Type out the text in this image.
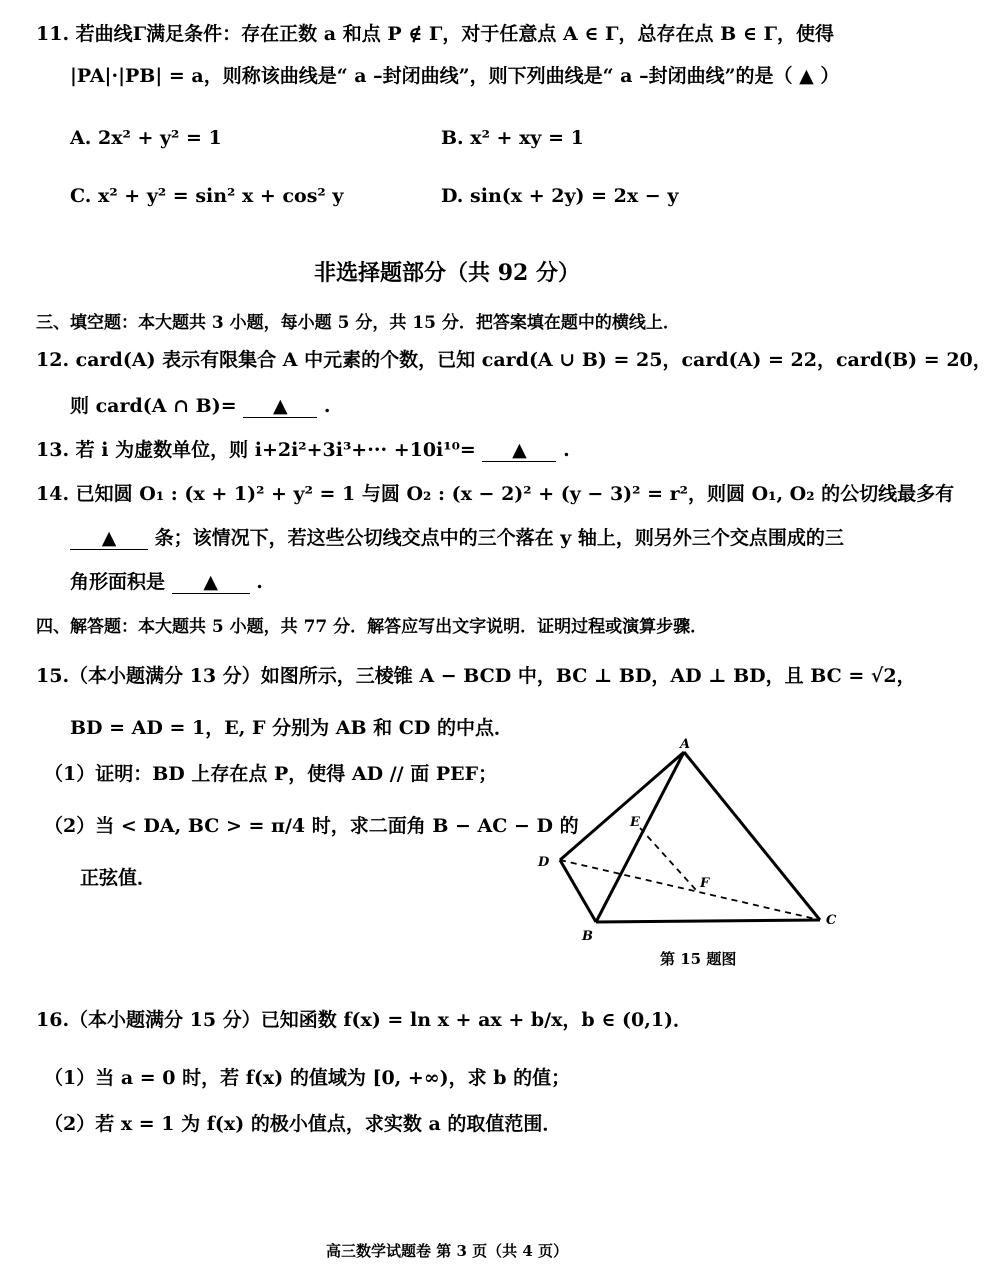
11. 若曲线Γ满足条件：存在正数 a 和点 P ∉ Γ，对于任意点 A ∈ Γ，总存在点 B ∈ Γ，使得
|PA|·|PB| = a，则称该曲线是“ a –封闭曲线”，则下列曲线是“ a –封闭曲线”的是（ ▲ ）
A. 2x² + y² = 1	B. x² + xy = 1
C. x² + y² = sin² x + cos² y	D. sin(x + 2y) = 2x − y
非选择题部分（共 92 分）
三、填空题：本大题共 3 小题，每小题 5 分，共 15 分．把答案填在题中的横线上．
12. card(A) 表示有限集合 A 中元素的个数，已知 card(A ∪ B) = 25，card(A) = 22，card(B) = 20，
则 card(A ∩ B)= ▲ .
13. 若 i 为虚数单位，则 i+2i²+3i³+··· +10i¹⁰= ▲ .
14. 已知圆 O₁ : (x + 1)² + y² = 1 与圆 O₂ : (x − 2)² + (y − 3)² = r²，则圆 O₁, O₂ 的公切线最多有
▲ 条；该情况下，若这些公切线交点中的三个落在 y 轴上，则另外三个交点围成的三
角形面积是 ▲ .
四、解答题：本大题共 5 小题，共 77 分．解答应写出文字说明．证明过程或演算步骤．
15.（本小题满分 13 分）如图所示，三棱锥 A − BCD 中，BC ⊥ BD，AD ⊥ BD，且 BC = √2，
BD = AD = 1，E, F 分别为 AB 和 CD 的中点．
（1）证明：BD 上存在点 P，使得 AD // 面 PEF；
（2）当 < DA, BC > = π/4 时，求二面角 B − AC − D 的
正弦值．
A
B
C
D
E
F
第 15 题图
16.（本小题满分 15 分）已知函数 f(x) = ln x + ax + b/x，b ∈ (0,1)．
（1）当 a = 0 时，若 f(x) 的值域为 [0, +∞)，求 b 的值；
（2）若 x = 1 为 f(x) 的极小值点，求实数 a 的取值范围．
高三数学试题卷 第 3 页（共 4 页）
